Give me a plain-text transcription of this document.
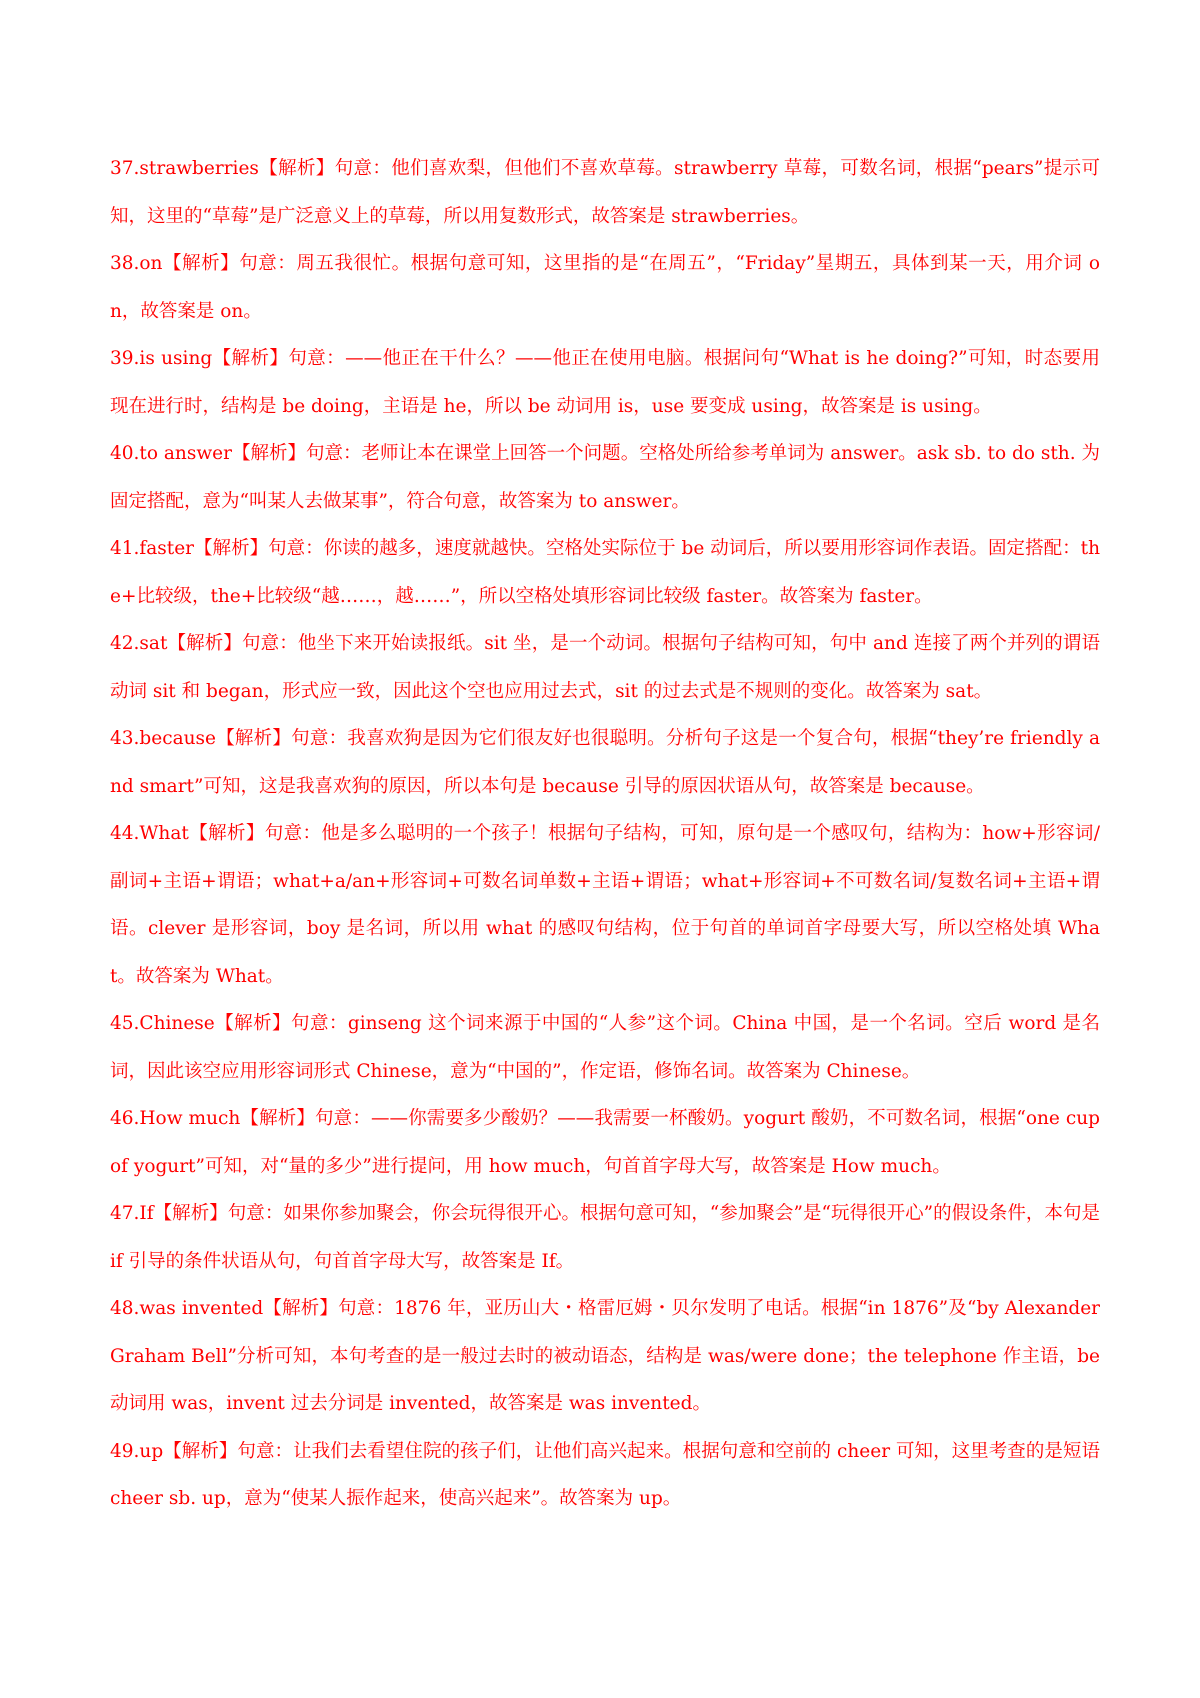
37.strawberries【解析】句意：他们喜欢梨，但他们不喜欢草莓。strawberry 草莓，可数名词，根据“pears”提示可知，这里的“草莓”是广泛意义上的草莓，所以用复数形式，故答案是 strawberries。

38.on【解析】句意：周五我很忙。根据句意可知，这里指的是“在周五”，“Friday”星期五，具体到某一天，用介词 on，故答案是 on。

39.is using【解析】句意：——他正在干什么？——他正在使用电脑。根据问句“What is he doing?”可知，时态要用现在进行时，结构是 be doing，主语是 he，所以 be 动词用 is，use 要变成 using，故答案是 is using。

40.to answer【解析】句意：老师让本在课堂上回答一个问题。空格处所给参考单词为 answer。ask sb. to do sth. 为固定搭配，意为“叫某人去做某事”，符合句意，故答案为 to answer。

41.faster【解析】句意：你读的越多，速度就越快。空格处实际位于 be 动词后，所以要用形容词作表语。固定搭配：the+比较级，the+比较级“越……，越……”，所以空格处填形容词比较级 faster。故答案为 faster。

42.sat【解析】句意：他坐下来开始读报纸。sit 坐，是一个动词。根据句子结构可知，句中 and 连接了两个并列的谓语动词 sit 和 began，形式应一致，因此这个空也应用过去式，sit 的过去式是不规则的变化。故答案为 sat。

43.because【解析】句意：我喜欢狗是因为它们很友好也很聪明。分析句子这是一个复合句，根据“they’re friendly and smart”可知，这是我喜欢狗的原因，所以本句是 because 引导的原因状语从句，故答案是 because。

44.What【解析】句意：他是多么聪明的一个孩子！根据句子结构，可知，原句是一个感叹句，结构为：how+形容词/副词+主语+谓语；what+a/an+形容词+可数名词单数+主语+谓语；what+形容词+不可数名词/复数名词+主语+谓语。clever 是形容词，boy 是名词，所以用 what 的感叹句结构，位于句首的单词首字母要大写，所以空格处填 What。故答案为 What。

45.Chinese【解析】句意：ginseng 这个词来源于中国的“人参”这个词。China 中国，是一个名词。空后 word 是名词，因此该空应用形容词形式 Chinese，意为“中国的”，作定语，修饰名词。故答案为 Chinese。

46.How much【解析】句意：——你需要多少酸奶？——我需要一杯酸奶。yogurt 酸奶，不可数名词，根据“one cup of yogurt”可知，对“量的多少”进行提问，用 how much，句首首字母大写，故答案是 How much。

47.If【解析】句意：如果你参加聚会，你会玩得很开心。根据句意可知，“参加聚会”是“玩得很开心”的假设条件，本句是 if 引导的条件状语从句，句首首字母大写，故答案是 If。

48.was invented【解析】句意：1876 年，亚历山大・格雷厄姆・贝尔发明了电话。根据“in 1876”及“by Alexander Graham Bell”分析可知，本句考查的是一般过去时的被动语态，结构是 was/were done；the telephone 作主语，be 动词用 was，invent 过去分词是 invented，故答案是 was invented。

49.up【解析】句意：让我们去看望住院的孩子们，让他们高兴起来。根据句意和空前的 cheer 可知，这里考查的是短语 cheer sb. up，意为“使某人振作起来，使高兴起来”。故答案为 up。
